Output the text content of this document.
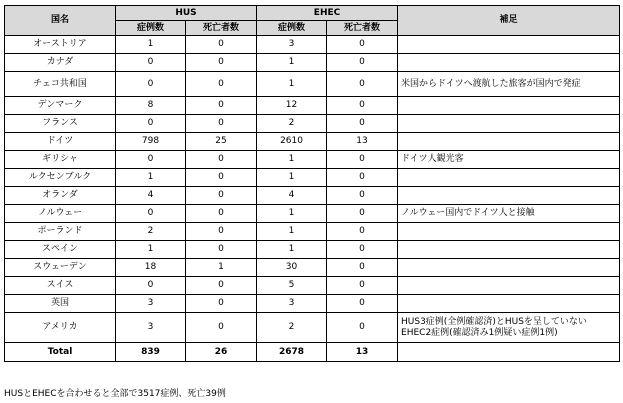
国名	HUS		EHEC		補足
	症例数	死亡者数	症例数	死亡者数	
オーストリア	1	0	3	0	
カナダ	0	0	1	0	
チェコ共和国	0	0	1	0	米国からドイツへ渡航した旅客が国内で発症
デンマーク	8	0	12	0	
フランス	0	0	2	0	
ドイツ	798	25	2610	13	
ギリシャ	0	0	1	0	ドイツ人観光客
ルクセンブルク	1	0	1	0	
オランダ	4	0	4	0	
ノルウェー	0	0	1	0	ノルウェー国内でドイツ人と接触
ポーランド	2	0	1	0	
スペイン	1	0	1	0	
スウェーデン	18	1	30	0	
スイス	0	0	5	0	
英国	3	0	3	0	
アメリカ	3	0	2	0	HUS3症例(全例確認済)とHUSを呈していないEHEC2症例(確認済み1例疑い症例1例)
Total	839	26	2678	13	
HUSとEHECを合わせると全部で3517症例、死亡39例
